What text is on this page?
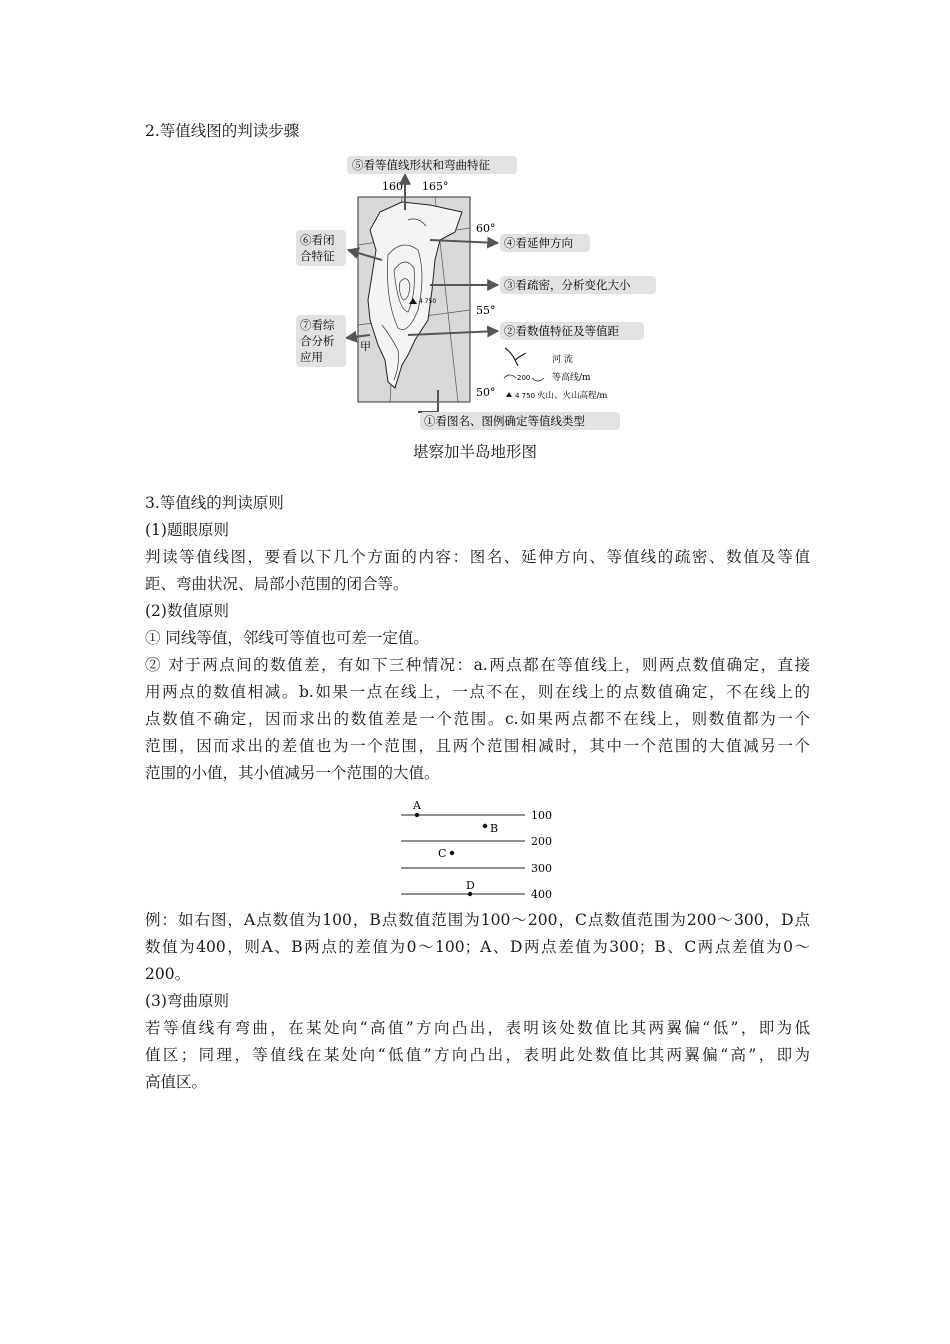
2.等值线图的判读步骤
4 750
甲
160° 165°
60°
55°
50°
⑤看等值线形状和弯曲特征
④看延伸方向
③看疏密，分析变化大小
②看数值特征及等值距
⑥看闭
合特征
⑦看综
合分析
应用	河 流
200 等高线/m
4 750 火山、火山高程/m
①看图名、图例确定等值线类型
堪察加半岛地形图
3.等值线的判读原则
(1)题眼原则
判读等值线图，要看以下几个方面的内容：图名、延伸方向、等值线的疏密、数值及等值
距、弯曲状况、局部小范围的闭合等。
(2)数值原则
① 同线等值，邻线可等值也可差一定值。
② 对于两点间的数值差，有如下三种情况：a.两点都在等值线上，则两点数值确定，直接
用两点的数值相减。b.如果一点在线上，一点不在，则在线上的点数值确定，不在线上的
点数值不确定，因而求出的数值差是一个范围。c.如果两点都不在线上，则数值都为一个
范围，因而求出的差值也为一个范围，且两个范围相减时，其中一个范围的大值减另一个
范围的小值，其小值减另一个范围的大值。
100
200
300
400
A
B
C
D
例：如右图，A点数值为100，B点数值范围为100～200，C点数值范围为200～300，D点
数值为400，则A、B两点的差值为0～100；A、D两点差值为300；B、C两点差值为0～
200。
(3)弯曲原则
若等值线有弯曲，在某处向“高值”方向凸出，表明该处数值比其两翼偏“低”，即为低
值区；同理，等值线在某处向“低值”方向凸出，表明此处数值比其两翼偏“高”，即为
高值区。
